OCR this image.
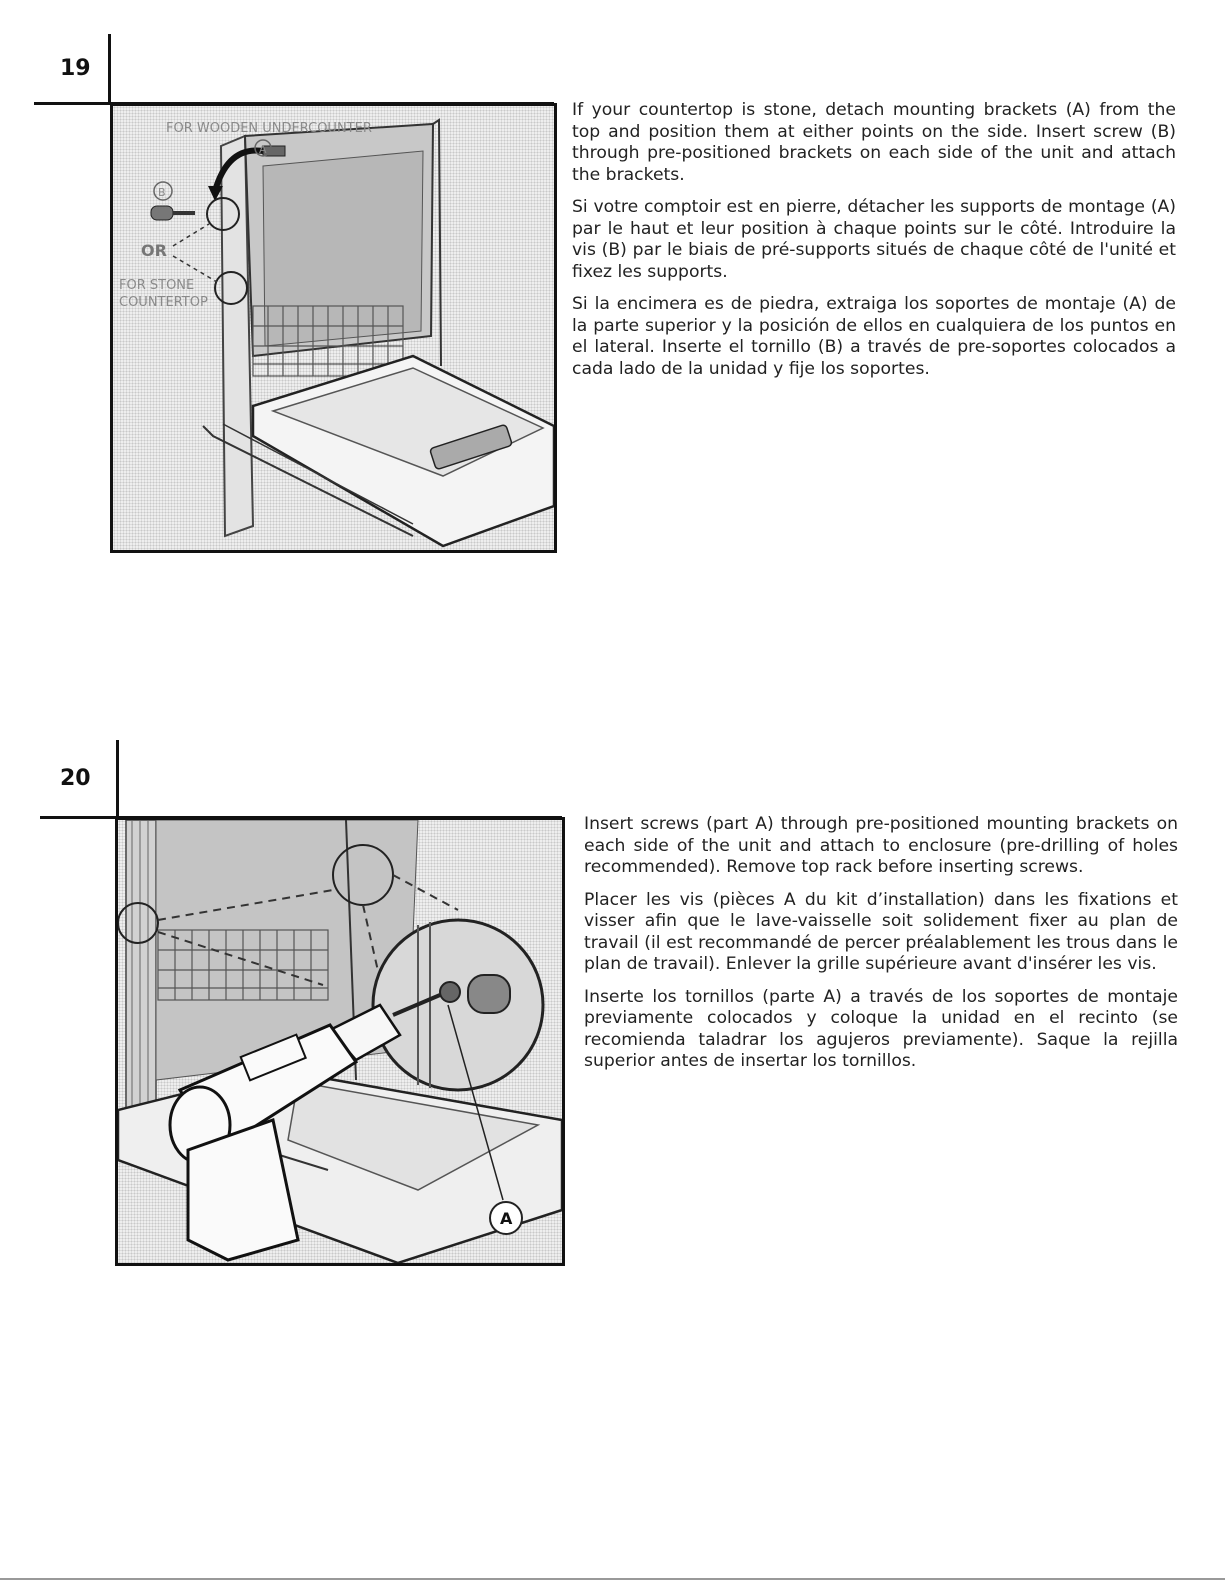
19
FOR WOODEN UNDERCOUNTER
A
B
OR
FOR STONE
COUNTERTOP

If your countertop is stone, detach mounting brackets (A) from the top and position them at either points on the side. Insert screw (B) through pre-positioned brackets on each side of the unit and attach the brackets.

Si votre comptoir est en pierre, détacher les supports de montage (A) par le haut et leur position à chaque points sur le côté. Introduire la vis (B) par le biais de pré-supports situés de chaque côté de l'unité et fixez les supports.

Si la encimera es de piedra, extraiga los soportes de montaje (A) de la parte superior y la posición de ellos en cualquiera de los puntos en el lateral. Inserte el tornillo (B) a través de pre-soportes colocados a cada lado de la unidad y fije los soportes.

20
A

Insert screws (part A) through pre-positioned mounting brackets on each side of the unit and attach to enclosure (pre-drilling of holes recommended). Remove top rack before inserting screws.

Placer les vis (pièces A du kit d’installation) dans les fixations et visser afin que le lave-vaisselle soit solidement fixer au plan de travail (il est recommandé de percer préalablement les trous dans le plan de travail). Enlever la grille supérieure avant d'insérer les vis.

Inserte los tornillos (parte A) a través de los soportes de montaje previamente colocados y coloque la unidad en el recinto (se recomienda taladrar los agujeros previamente). Saque la rejilla superior antes de insertar los tornillos.
